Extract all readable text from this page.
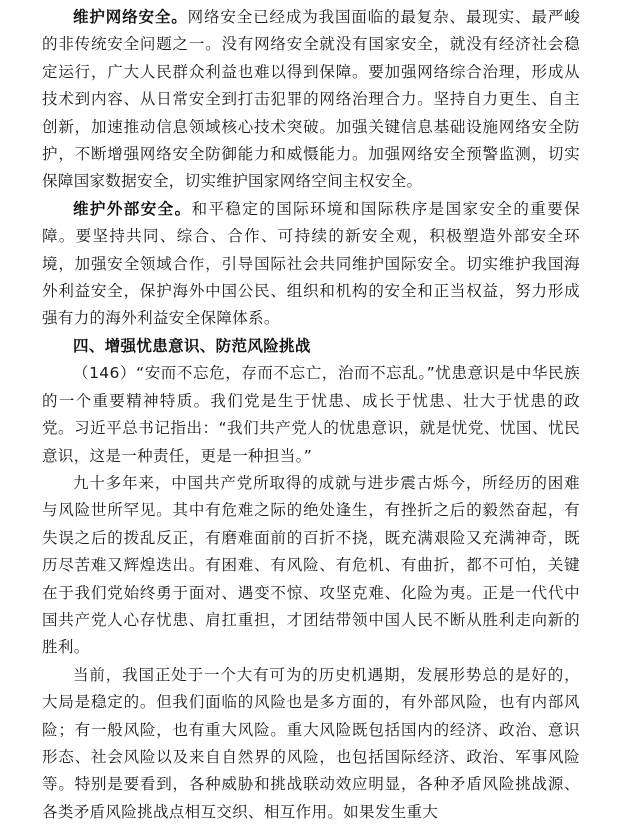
维护网络安全。网络安全已经成为我国面临的最复杂、最现实、最严峻的非传统安全问题之一。没有网络安全就没有国家安全，就没有经济社会稳定运行，广大人民群众利益也难以得到保障。要加强网络综合治理，形成从技术到内容、从日常安全到打击犯罪的网络治理合力。坚持自力更生、自主创新，加速推动信息领域核心技术突破。加强关键信息基础设施网络安全防护，不断增强网络安全防御能力和威慑能力。加强网络安全预警监测，切实保障国家数据安全，切实维护国家网络空间主权安全。

维护外部安全。和平稳定的国际环境和国际秩序是国家安全的重要保障。要坚持共同、综合、合作、可持续的新安全观，积极塑造外部安全环境，加强安全领域合作，引导国际社会共同维护国际安全。切实维护我国海外利益安全，保护海外中国公民、组织和机构的安全和正当权益，努力形成强有力的海外利益安全保障体系。

四、增强忧患意识、防范风险挑战

（146）“安而不忘危，存而不忘亡，治而不忘乱。”忧患意识是中华民族的一个重要精神特质。我们党是生于忧患、成长于忧患、壮大于忧患的政党。习近平总书记指出：“我们共产党人的忧患意识，就是忧党、忧国、忧民意识，这是一种责任，更是一种担当。”

九十多年来，中国共产党所取得的成就与进步震古烁今，所经历的困难与风险世所罕见。其中有危难之际的绝处逢生，有挫折之后的毅然奋起，有失误之后的拨乱反正，有磨难面前的百折不挠，既充满艰险又充满神奇，既历尽苦难又辉煌迭出。有困难、有风险、有危机、有曲折，都不可怕，关键在于我们党始终勇于面对、遇变不惊、攻坚克难、化险为夷。正是一代代中国共产党人心存忧患、肩扛重担，才团结带领中国人民不断从胜利走向新的胜利。

当前，我国正处于一个大有可为的历史机遇期，发展形势总的是好的，大局是稳定的。但我们面临的风险也是多方面的，有外部风险，也有内部风险；有一般风险，也有重大风险。重大风险既包括国内的经济、政治、意识形态、社会风险以及来自自然界的风险，也包括国际经济、政治、军事风险等。特别是要看到，各种威胁和挑战联动效应明显，各种矛盾风险挑战源、各类矛盾风险挑战点相互交织、相互作用。如果发生重大
